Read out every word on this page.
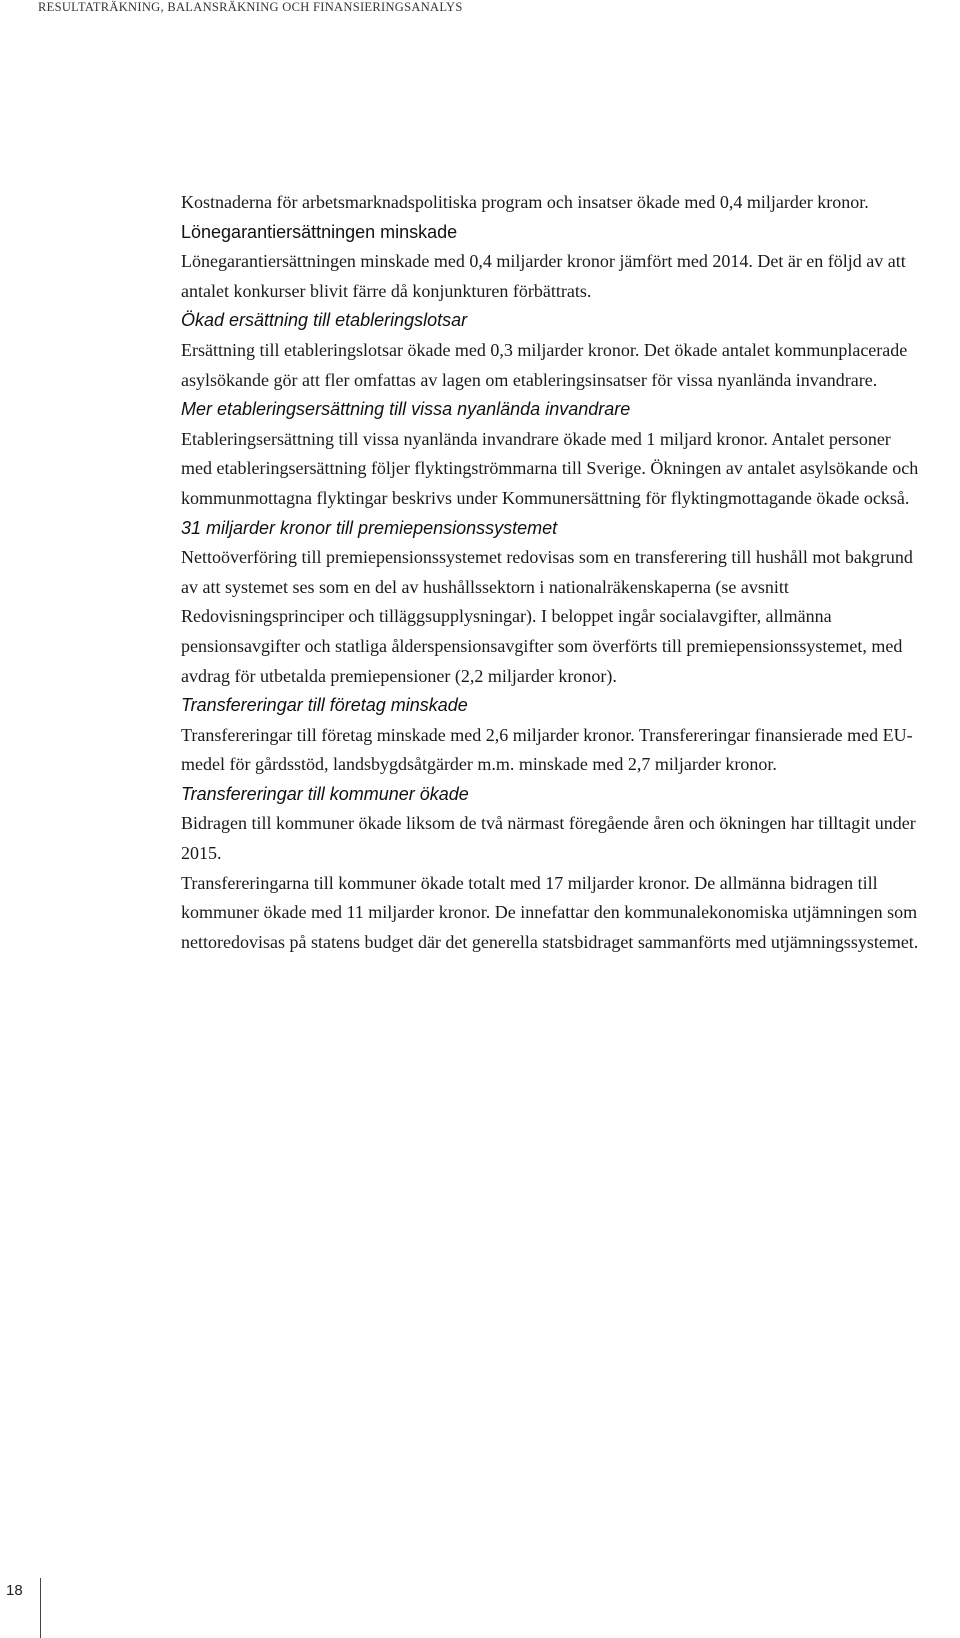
RESULTATRÄKNING, BALANSRÄKNING OCH FINANSIERINGSANALYS

Kostnaderna för arbetsmarknadspolitiska program och insatser ökade med 0,4 miljarder kronor.

Lönegarantiersättningen minskade

Lönegarantiersättningen minskade med 0,4 miljarder kronor jämfört med 2014. Det är en följd av att antalet konkurser blivit färre då konjunkturen förbättrats.

Ökad ersättning till etableringslotsar

Ersättning till etableringslotsar ökade med 0,3 miljarder kronor. Det ökade antalet kommunplacerade asylsökande gör att fler omfattas av lagen om etableringsinsatser för vissa nyanlända invandrare.

Mer etableringsersättning till vissa nyanlända invandrare

Etableringsersättning till vissa nyanlända invandrare ökade med 1 miljard kronor. Antalet personer med etableringsersättning följer flyktingströmmarna till Sverige. Ökningen av antalet asylsökande och kommunmottagna flyktingar beskrivs under Kommunersättning för flyktingmottagande ökade också.

31 miljarder kronor till premiepensionssystemet

Nettoöverföring till premiepensionssystemet redovisas som en transferering till hushåll mot bakgrund av att systemet ses som en del av hushållssektorn i nationalräkenskaperna (se avsnitt Redovisningsprinciper och tilläggsupplysningar). I beloppet ingår socialavgifter, allmänna pensionsavgifter och statliga ålderspensionsavgifter som överförts till premiepensionssystemet, med avdrag för utbetalda premiepensioner (2,2 miljarder kronor).

Transfereringar till företag minskade

Transfereringar till företag minskade med 2,6 miljarder kronor. Transfereringar finansierade med EU-medel för gårdsstöd, landsbygdsåtgärder m.m. minskade med 2,7 miljarder kronor.

Transfereringar till kommuner ökade

Bidragen till kommuner ökade liksom de två närmast föregående åren och ökningen har tilltagit under 2015.

Transfereringarna till kommuner ökade totalt med 17 miljarder kronor. De allmänna bidragen till kommuner ökade med 11 miljarder kronor. De innefattar den kommunalekonomiska utjämningen som nettoredovisas på statens budget där det generella statsbidraget sammanförts med utjämningssystemet.

18
